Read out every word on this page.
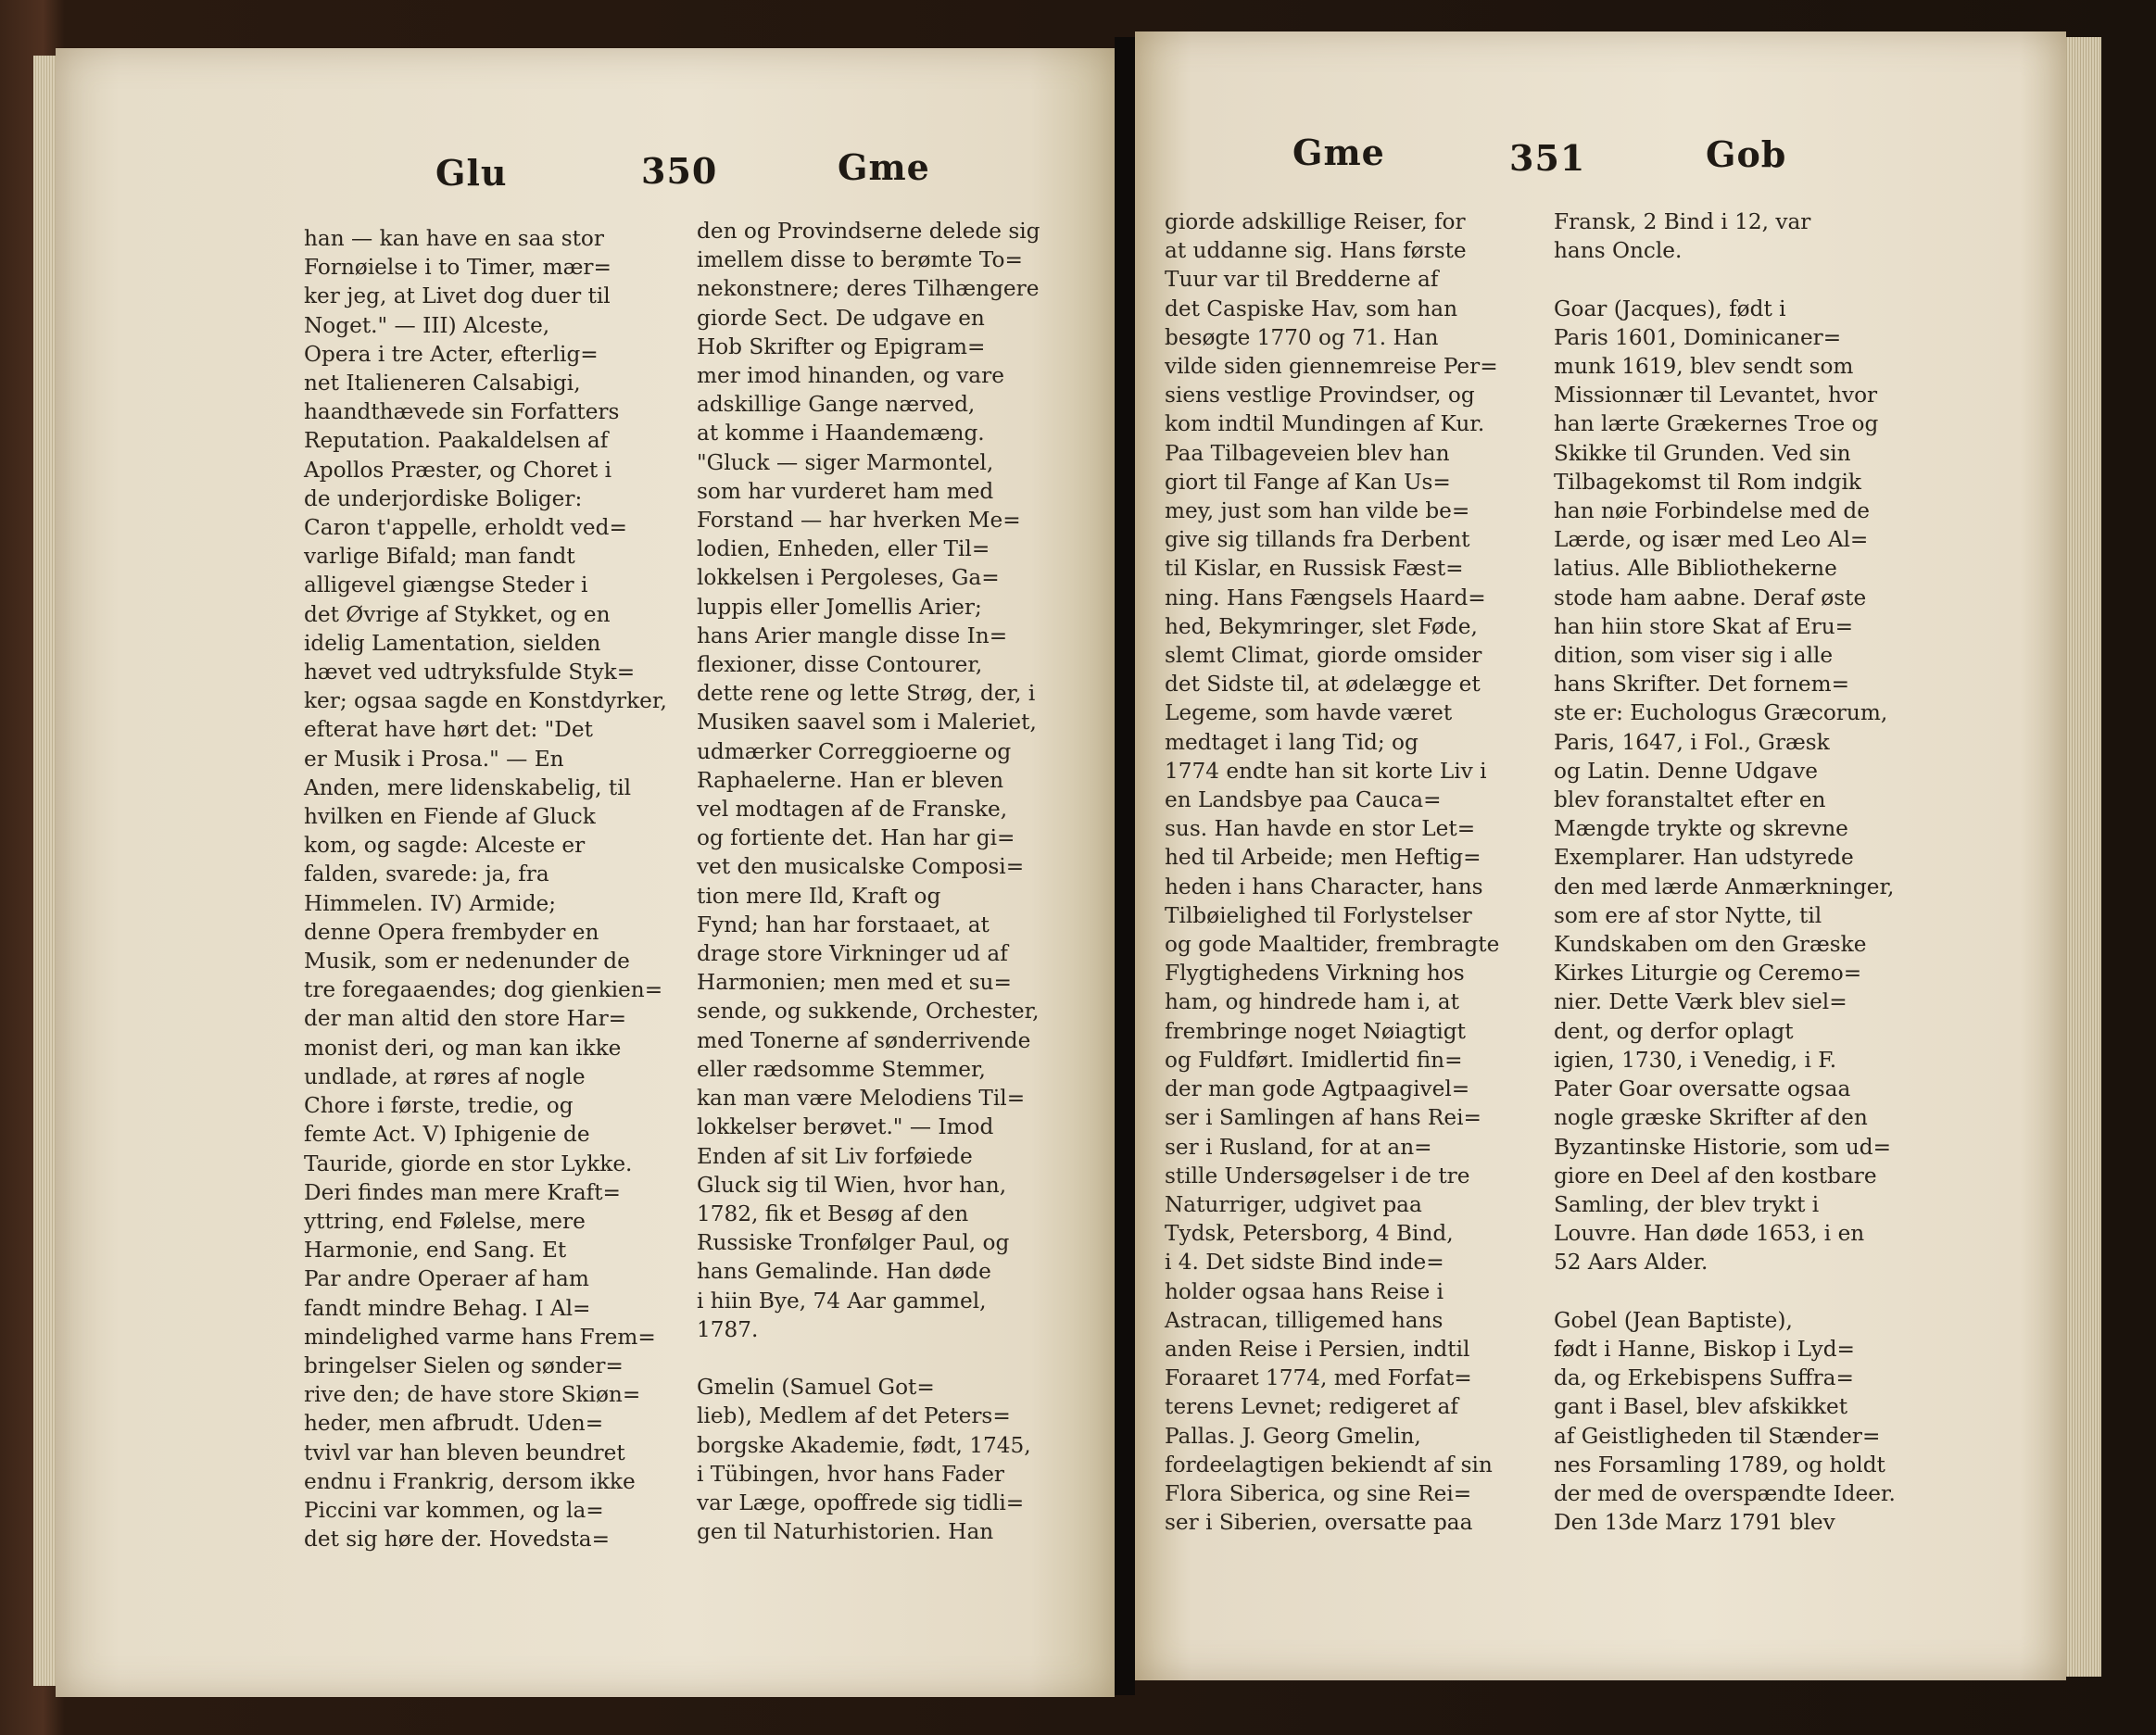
Glu	350	Gme
han — kan have en saa stor
Fornøielse i to Timer, mær=
ker jeg, at Livet dog duer til
Noget." — III) Alceste,
Opera i tre Acter, efterlig=
net Italieneren Calsabigi,
haandthævede sin Forfatters
Reputation. Paakaldelsen af
Apollos Præster, og Choret i
de underjordiske Boliger:
Caron t'appelle, erholdt ved=
varlige Bifald; man fandt
alligevel giængse Steder i
det Øvrige af Stykket, og en
idelig Lamentation, sielden
hævet ved udtryksfulde Styk=
ker; ogsaa sagde en Konstdyrker,
efterat have hørt det: "Det
er Musik i Prosa." — En
Anden, mere lidenskabelig, til
hvilken en Fiende af Gluck
kom, og sagde: Alceste er
falden, svarede: ja, fra
Himmelen. IV) Armide;
denne Opera frembyder en
Musik, som er nedenunder de
tre foregaaendes; dog gienkien=
der man altid den store Har=
monist deri, og man kan ikke
undlade, at røres af nogle
Chore i første, tredie, og
femte Act. V) Iphigenie de
Tauride, giorde en stor Lykke.
Deri findes man mere Kraft=
yttring, end Følelse, mere
Harmonie, end Sang. Et
Par andre Operaer af ham
fandt mindre Behag. I Al=
mindelighed varme hans Frem=
bringelser Sielen og sønder=
rive den; de have store Skiøn=
heder, men afbrudt. Uden=
tvivl var han bleven beundret
endnu i Frankrig, dersom ikke
Piccini var kommen, og la=
det sig høre der. Hovedsta=
den og Provindserne delede sig
imellem disse to berømte To=
nekonstnere; deres Tilhængere
giorde Sect. De udgave en
Hob Skrifter og Epigram=
mer imod hinanden, og vare
adskillige Gange nærved,
at komme i Haandemæng.
"Gluck — siger Marmontel,
som har vurderet ham med
Forstand — har hverken Me=
lodien, Enheden, eller Til=
lokkelsen i Pergoleses, Ga=
luppis eller Jomellis Arier;
hans Arier mangle disse In=
flexioner, disse Contourer,
dette rene og lette Strøg, der, i
Musiken saavel som i Maleriet,
udmærker Correggioerne og
Raphaelerne. Han er bleven
vel modtagen af de Franske,
og fortiente det. Han har gi=
vet den musicalske Composi=
tion mere Ild, Kraft og
Fynd; han har forstaaet, at
drage store Virkninger ud af
Harmonien; men med et su=
sende, og sukkende, Orchester,
med Tonerne af sønderrivende
eller rædsomme Stemmer,
kan man være Melodiens Til=
lokkelser berøvet." — Imod
Enden af sit Liv forføiede
Gluck sig til Wien, hvor han,
1782, fik et Besøg af den
Russiske Tronfølger Paul, og
hans Gemalinde. Han døde
i hiin Bye, 74 Aar gammel,
1787.

Gmelin (Samuel Got=
lieb), Medlem af det Peters=
borgske Akademie, født, 1745,
i Tübingen, hvor hans Fader
var Læge, opoffrede sig tidli=
gen til Naturhistorien. Han
Gme	351	Gob
giorde adskillige Reiser, for
at uddanne sig. Hans første
Tuur var til Bredderne af
det Caspiske Hav, som han
besøgte 1770 og 71. Han
vilde siden giennemreise Per=
siens vestlige Provindser, og
kom indtil Mundingen af Kur.
Paa Tilbageveien blev han
giort til Fange af Kan Us=
mey, just som han vilde be=
give sig tillands fra Derbent
til Kislar, en Russisk Fæst=
ning. Hans Fængsels Haard=
hed, Bekymringer, slet Føde,
slemt Climat, giorde omsider
det Sidste til, at ødelægge et
Legeme, som havde været
medtaget i lang Tid; og
1774 endte han sit korte Liv i
en Landsbye paa Cauca=
sus. Han havde en stor Let=
hed til Arbeide; men Heftig=
heden i hans Character, hans
Tilbøielighed til Forlystelser
og gode Maaltider, frembragte
Flygtighedens Virkning hos
ham, og hindrede ham i, at
frembringe noget Nøiagtigt
og Fuldført. Imidlertid fin=
der man gode Agtpaagivel=
ser i Samlingen af hans Rei=
ser i Rusland, for at an=
stille Undersøgelser i de tre
Naturriger, udgivet paa
Tydsk, Petersborg, 4 Bind,
i 4. Det sidste Bind inde=
holder ogsaa hans Reise i
Astracan, tilligemed hans
anden Reise i Persien, indtil
Foraaret 1774, med Forfat=
terens Levnet; redigeret af
Pallas. J. Georg Gmelin,
fordeelagtigen bekiendt af sin
Flora Siberica, og sine Rei=
ser i Siberien, oversatte paa
Fransk, 2 Bind i 12, var
hans Oncle.

Goar (Jacques), født i
Paris 1601, Dominicaner=
munk 1619, blev sendt som
Missionnær til Levantet, hvor
han lærte Grækernes Troe og
Skikke til Grunden. Ved sin
Tilbagekomst til Rom indgik
han nøie Forbindelse med de
Lærde, og især med Leo Al=
latius. Alle Bibliothekerne
stode ham aabne. Deraf øste
han hiin store Skat af Eru=
dition, som viser sig i alle
hans Skrifter. Det fornem=
ste er: Euchologus Græcorum,
Paris, 1647, i Fol., Græsk
og Latin. Denne Udgave
blev foranstaltet efter en
Mængde trykte og skrevne
Exemplarer. Han udstyrede
den med lærde Anmærkninger,
som ere af stor Nytte, til
Kundskaben om den Græske
Kirkes Liturgie og Ceremo=
nier. Dette Værk blev siel=
dent, og derfor oplagt
igien, 1730, i Venedig, i F.
Pater Goar oversatte ogsaa
nogle græske Skrifter af den
Byzantinske Historie, som ud=
giore en Deel af den kostbare
Samling, der blev trykt i
Louvre. Han døde 1653, i en
52 Aars Alder.

Gobel (Jean Baptiste),
født i Hanne, Biskop i Lyd=
da, og Erkebispens Suffra=
gant i Basel, blev afskikket
af Geistligheden til Stænder=
nes Forsamling 1789, og holdt
der med de overspændte Ideer.
Den 13de Marz 1791 blev
